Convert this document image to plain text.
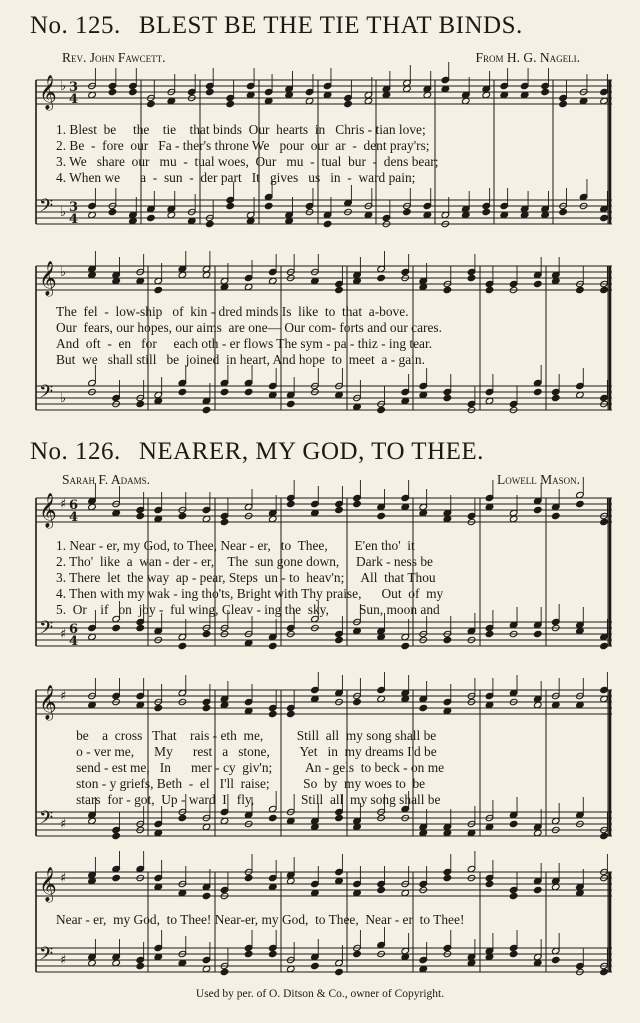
No. 125. BLEST BE THE TIE THAT BINDS.
Rev. John Fawcett.	From H. G. Nageli.
𝄞 ♭ 3
4
𝄢 ♭ 3
4
1. Blest  be     the    tie    that binds  Our  hearts  in   Chris - tian love;
2. Be  -  fore  our   Fa - ther's throne We   pour  our  ar  -  dent pray'rs;
3. We   share  our   mu  -  tual woes,  Our   mu  -  tual  bur  -  dens bear;
4. When we      a  -  sun  -  der part   It   gives   us   in  -  ward pain;
𝄞 ♭
𝄢 ♭
The  fel  -  low-ship   of  kin - dred minds Is  like  to  that  a-bove.
Our  fears, our hopes, our aims  are one— Our com- forts and our cares.
And  oft  -  en   for     each oth - er flows The sym - pa - thiz - ing tear.
But  we   shall still   be  joined  in heart, And hope  to  meet  a - gain.
No. 126. NEARER, MY GOD, TO THEE.
Sarah F. Adams.	Lowell Mason.
𝄞 ♯ 6
4
𝄢 ♯ 6
4
1. Near - er, my God, to Thee, Near - er,   to  Thee,        E'en tho'  it
2. Tho'  like  a  wan - der - er,    The  sun gone down,     Dark - ness be
3. There  let  the way  ap - pear, Steps  un - to  heav'n;     All  that Thou
4. Then with my wak - ing tho'ts, Bright with Thy praise,      Out  of  my
5.  Or    if   on  joy -  ful wing, Cleav - ing the  sky,         Sun, moon and
𝄞 ♯
𝄢 ♯
be    a  cross   That    rais - eth  me,          Still  all  my song shall be
o - ver me,      My      rest   a   stone,         Yet   in  my dreams I'd be
send - est me,   In      mer - cy  giv'n;          An - gels  to beck - on me
ston - y griefs, Beth  -  el   I'll  raise;          So  by  my woes to  be
stars  for - got,  Up - ward  I   fly,              Still  all  my song shall be
𝄞 ♯
𝄢 ♯
Near - er,  my God,  to Thee! Near-er, my God,  to Thee,  Near - er  to Thee!
Used by per. of O. Ditson & Co., owner of Copyright.
